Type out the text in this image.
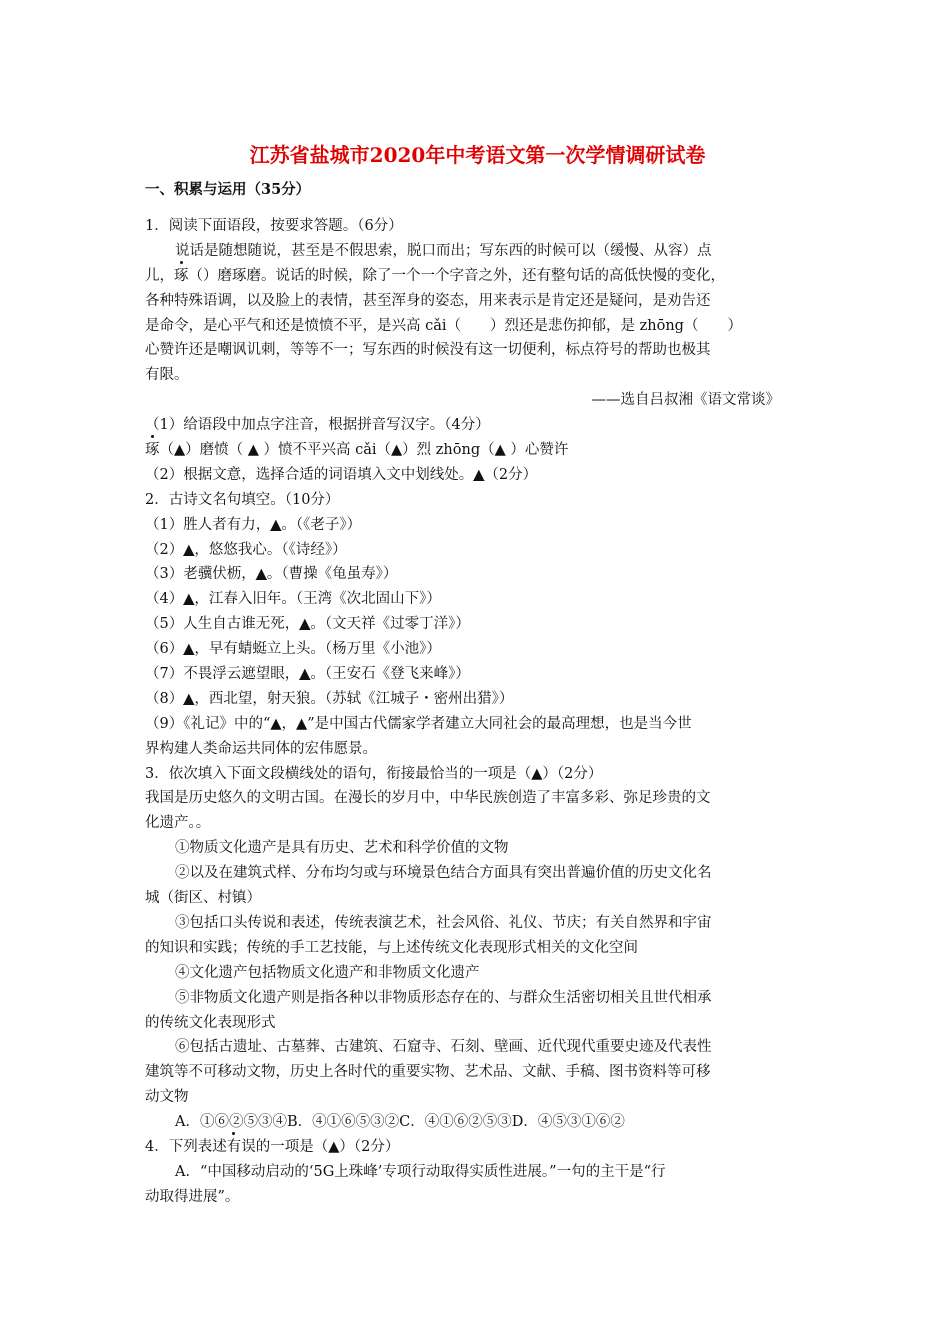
江苏省盐城市2020年中考语文第一次学情调研试卷
一、积累与运用（35分）
1．阅读下面语段，按要求答题。（6分）
说话是随想随说，甚至是不假思索，脱口而出；写东西的时候可以（缓慢、从容）点
儿，琢（）磨琢磨。说话的时候，除了一个一个字音之外，还有整句话的高低快慢的变化，
各种特殊语调，以及脸上的表情，甚至浑身的姿态，用来表示是肯定还是疑问，是劝告还
是命令，是心平气和还是愤愤不平，是兴高 cǎi（　　）烈还是悲伤抑郁，是 zhōng（　　）
心赞许还是嘲讽讥刺，等等不一；写东西的时候没有这一切便利，标点符号的帮助也极其
有限。
——选自吕叔湘《语文常谈》
（1）给语段中加点字注音，根据拼音写汉字。（4分）
琢（▲）磨愤（ ▲ ）愤不平兴高 cǎi（▲）烈 zhōng（▲ ）心赞许
（2）根据文意，选择合适的词语填入文中划线处。▲（2分）
2．古诗文名句填空。（10分）
（1）胜人者有力，▲。（《老子》）
（2）▲，悠悠我心。（《诗经》）
（3）老骥伏枥，▲。（曹操《龟虽寿》）
（4）▲，江春入旧年。（王湾《次北固山下》）
（5）人生自古谁无死，▲。（文天祥《过零丁洋》）
（6）▲，早有蜻蜓立上头。（杨万里《小池》）
（7）不畏浮云遮望眼，▲。（王安石《登飞来峰》）
（8）▲，西北望，射天狼。（苏轼《江城子・密州出猎》）
（9）《礼记》中的“▲，▲”是中国古代儒家学者建立大同社会的最高理想，也是当今世
界构建人类命运共同体的宏伟愿景。
3．依次填入下面文段横线处的语句，衔接最恰当的一项是（▲）（2分）
我国是历史悠久的文明古国。在漫长的岁月中，中华民族创造了丰富多彩、弥足珍贵的文
化遗产。。
①物质文化遗产是具有历史、艺术和科学价值的文物
②以及在建筑式样、分布均匀或与环境景色结合方面具有突出普遍价值的历史文化名
城（街区、村镇）
③包括口头传说和表述，传统表演艺术，社会风俗、礼仪、节庆；有关自然界和宇宙
的知识和实践；传统的手工艺技能，与上述传统文化表现形式相关的文化空间
④文化遗产包括物质文化遗产和非物质文化遗产
⑤非物质文化遗产则是指各种以非物质形态存在的、与群众生活密切相关且世代相承
的传统文化表现形式
⑥包括古遗址、古墓葬、古建筑、石窟寺、石刻、壁画、近代现代重要史迹及代表性
建筑等不可移动文物，历史上各时代的重要实物、艺术品、文献、手稿、图书资料等可移
动文物
A．①⑥②⑤③④B．④①⑥⑤③②C．④①⑥②⑤③D．④⑤③①⑥②
4．下列表述有误的一项是（▲）（2分）
A．“中国移动启动的‘5G上珠峰’专项行动取得实质性进展。”一句的主干是“行
动取得进展”。
